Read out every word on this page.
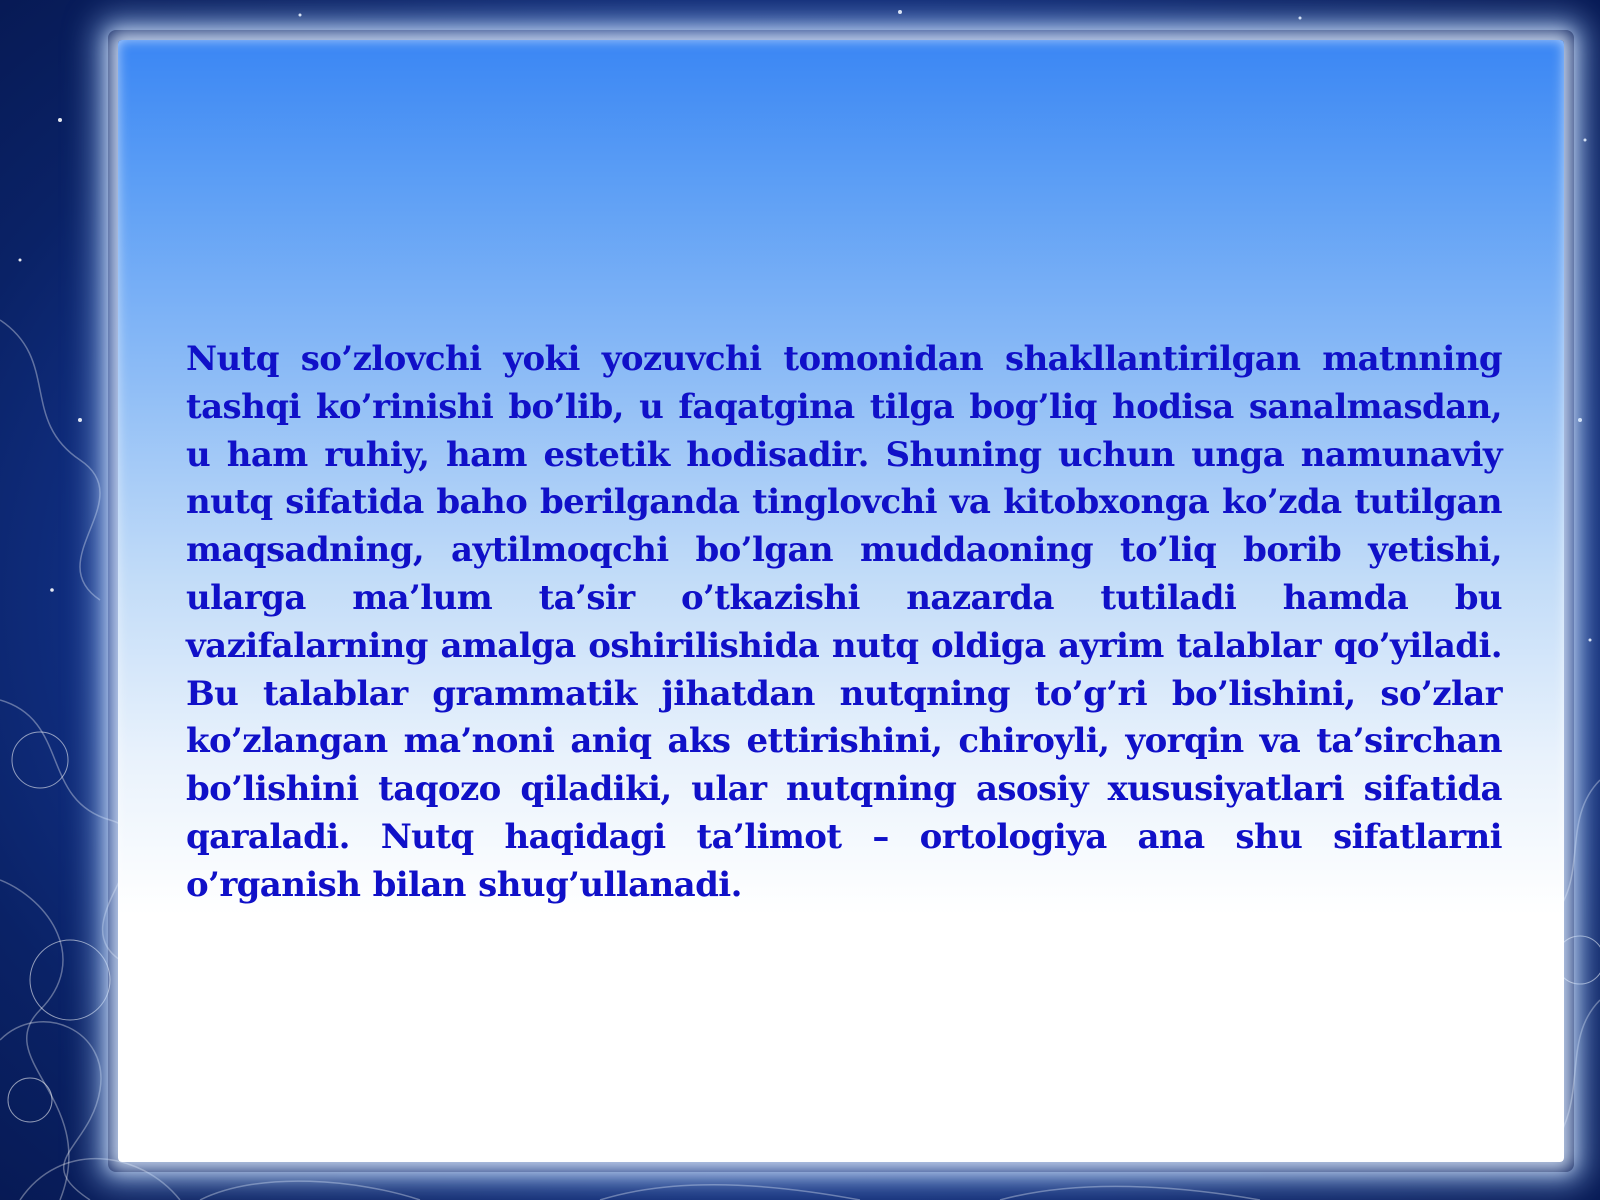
Nutq so’zlovchi yoki yozuvchi tomonidan shakllantirilgan matnning tashqi ko’rinishi bo’lib, u faqatgina tilga bog’liq hodisa sanalmasdan, u ham ruhiy, ham estetik hodisadir. Shuning uchun unga namunaviy nutq sifatida baho berilganda tinglovchi va kitobxonga ko’zda tutilgan maqsadning, aytilmoqchi bo’lgan muddaoning to’liq borib yetishi, ularga ma’lum ta’sir o’tkazishi nazarda tutiladi hamda bu vazifalarning amalga oshirilishida nutq oldiga ayrim talablar qo’yiladi. Bu talablar grammatik jihatdan nutqning to’g’ri bo’lishini, so’zlar ko’zlangan ma’noni aniq aks ettirishini, chiroyli, yorqin va ta’sirchan bo’lishini taqozo qiladiki, ular nutqning asosiy xususiyatlari sifatida qaraladi. Nutq haqidagi ta’limot – ortologiya ana shu sifatlarni o’rganish bilan shug’ullanadi.
